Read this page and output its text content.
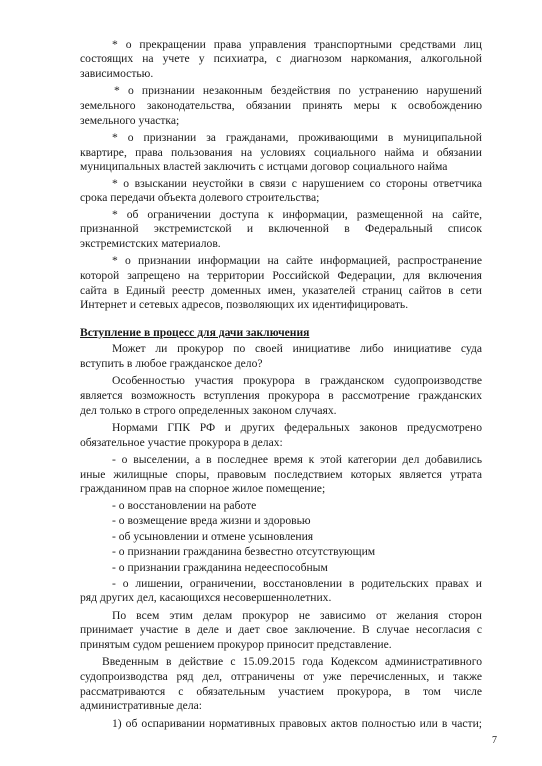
* о прекращении права управления транспортными средствами лиц
состоящих на учете у психиатра, с диагнозом наркомания, алкогольной
зависимостью.
* о признании незаконным бездействия по устранению нарушений
земельного законодательства, обязании принять меры к освобождению
земельного участка;
* о признании за гражданами, проживающими в муниципальной
квартире, права пользования на условиях социального найма и обязании
муниципальных властей заключить с истцами договор социального найма
* о взыскании неустойки в связи с нарушением со стороны ответчика
срока передачи объекта долевого строительства;
* об ограничении доступа к информации, размещенной на сайте,
признанной экстремистской и включенной в Федеральный список
экстремистских материалов.
* о признании информации на сайте информацией, распространение
которой запрещено на территории Российской Федерации, для включения
сайта в Единый реестр доменных имен, указателей страниц сайтов в сети
Интернет и сетевых адресов, позволяющих их идентифицировать.
Вступление в процесс для дачи заключения
Может ли прокурор по своей инициативе либо инициативе суда
вступить в любое гражданское дело?
Особенностью участия прокурора в гражданском судопроизводстве
является возможность вступления прокурора в рассмотрение гражданских
дел только в строго определенных законом случаях.
Нормами ГПК РФ и других федеральных законов предусмотрено
обязательное участие прокурора в делах:
- о выселении, а в последнее время к этой категории дел добавились
иные жилищные споры, правовым последствием которых является утрата
гражданином прав на спорное жилое помещение;
- о восстановлении на работе
- о возмещение вреда жизни и здоровью
- об усыновлении и отмене усыновления
- о признании гражданина безвестно отсутствующим
- о признании гражданина недееспособным
- о лишении, ограничении, восстановлении в родительских правах и
ряд других дел, касающихся несовершеннолетних.
По всем этим делам прокурор не зависимо от желания сторон
принимает участие в деле и дает свое заключение. В случае несогласия с
принятым судом решением прокурор приносит представление.
Введенным в действие с 15.09.2015 года Кодексом административного
судопроизводства ряд дел, отграничены от уже перечисленных, и также
рассматриваются с обязательным участием прокурора, в том числе
административные дела:
1) об оспаривании нормативных правовых актов полностью или в части;
7
